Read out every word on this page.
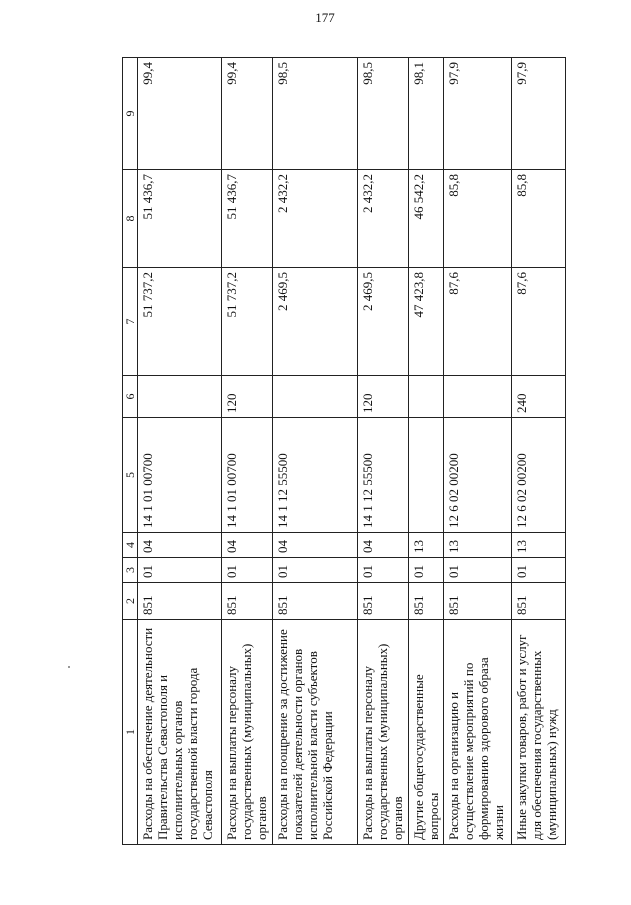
177
1	2	3	4	5	6	7	8	9
Расходы на обеспечение деятельности Правительства Севастополя и исполнительных органов государственной власти города Севастополя	851	01	04	14 1 01 00700		51 737,2	51 436,7	99,4
Расходы на выплаты персоналу государственных (муниципальных) органов	851	01	04	14 1 01 00700	120	51 737,2	51 436,7	99,4
Расходы на поощрение за достижение показателей деятельности органов исполнительной власти субъектов Российской Федерации	851	01	04	14 1 12 55500		2 469,5	2 432,2	98,5
Расходы на выплаты персоналу государственных (муниципальных) органов	851	01	04	14 1 12 55500	120	2 469,5	2 432,2	98,5
Другие общегосударственные вопросы	851	01	13			47 423,8	46 542,2	98,1
Расходы на организацию и осуществление мероприятий по формированию здорового образа жизни	851	01	13	12 6 02 00200		87,6	85,8	97,9
Иные закупки товаров, работ и услуг для обеспечения государственных (муниципальных) нужд	851	01	13	12 6 02 00200	240	87,6	85,8	97,9
